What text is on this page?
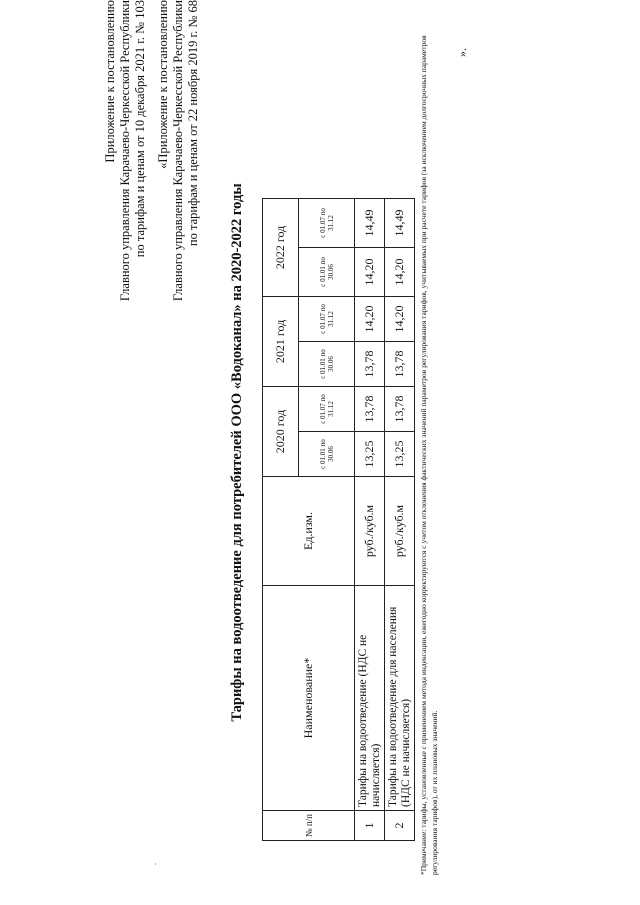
Приложение к постановлению Главного управления Карачаево-Черкесской Республики по тарифам и ценам от 10 декабря 2021 г. № 103 «Приложение к постановлению Главного управления Карачаево-Черкесской Республики по тарифам и ценам от 22 ноября 2019 г. № 68
Тарифы на водоотведение для потребителей ООО «Водоканал» на 2020-2022 годы
№ п/п	Наименование*	Ед.изм.	2020 год		2021 год		2022 год	
			с 01.01 по 30.06	с 01.07 по 31.12	с 01.01 по 30.06	с 01.07 по 31.12	с 01.01 по 30.06	с 01.07 по 31.12
1	Тарифы на водоотведение (НДС не начисляется)	руб./куб.м	13,25	13,78	13,78	14,20	14,20	14,49
2	Тарифы на водоотведение для населения (НДС не начисляется)	руб./куб.м	13,25	13,78	13,78	14,20	14,20	14,49 *Примечание: тарифы, установленные с применением метода индексации, ежегодно корректируются с учетом отклонения фактических значений параметров регулирования тарифов, учитываемых при расчете тарифов (за исключением долгосрочных параметров регулирования тарифов), от их плановых значений.
».
.
